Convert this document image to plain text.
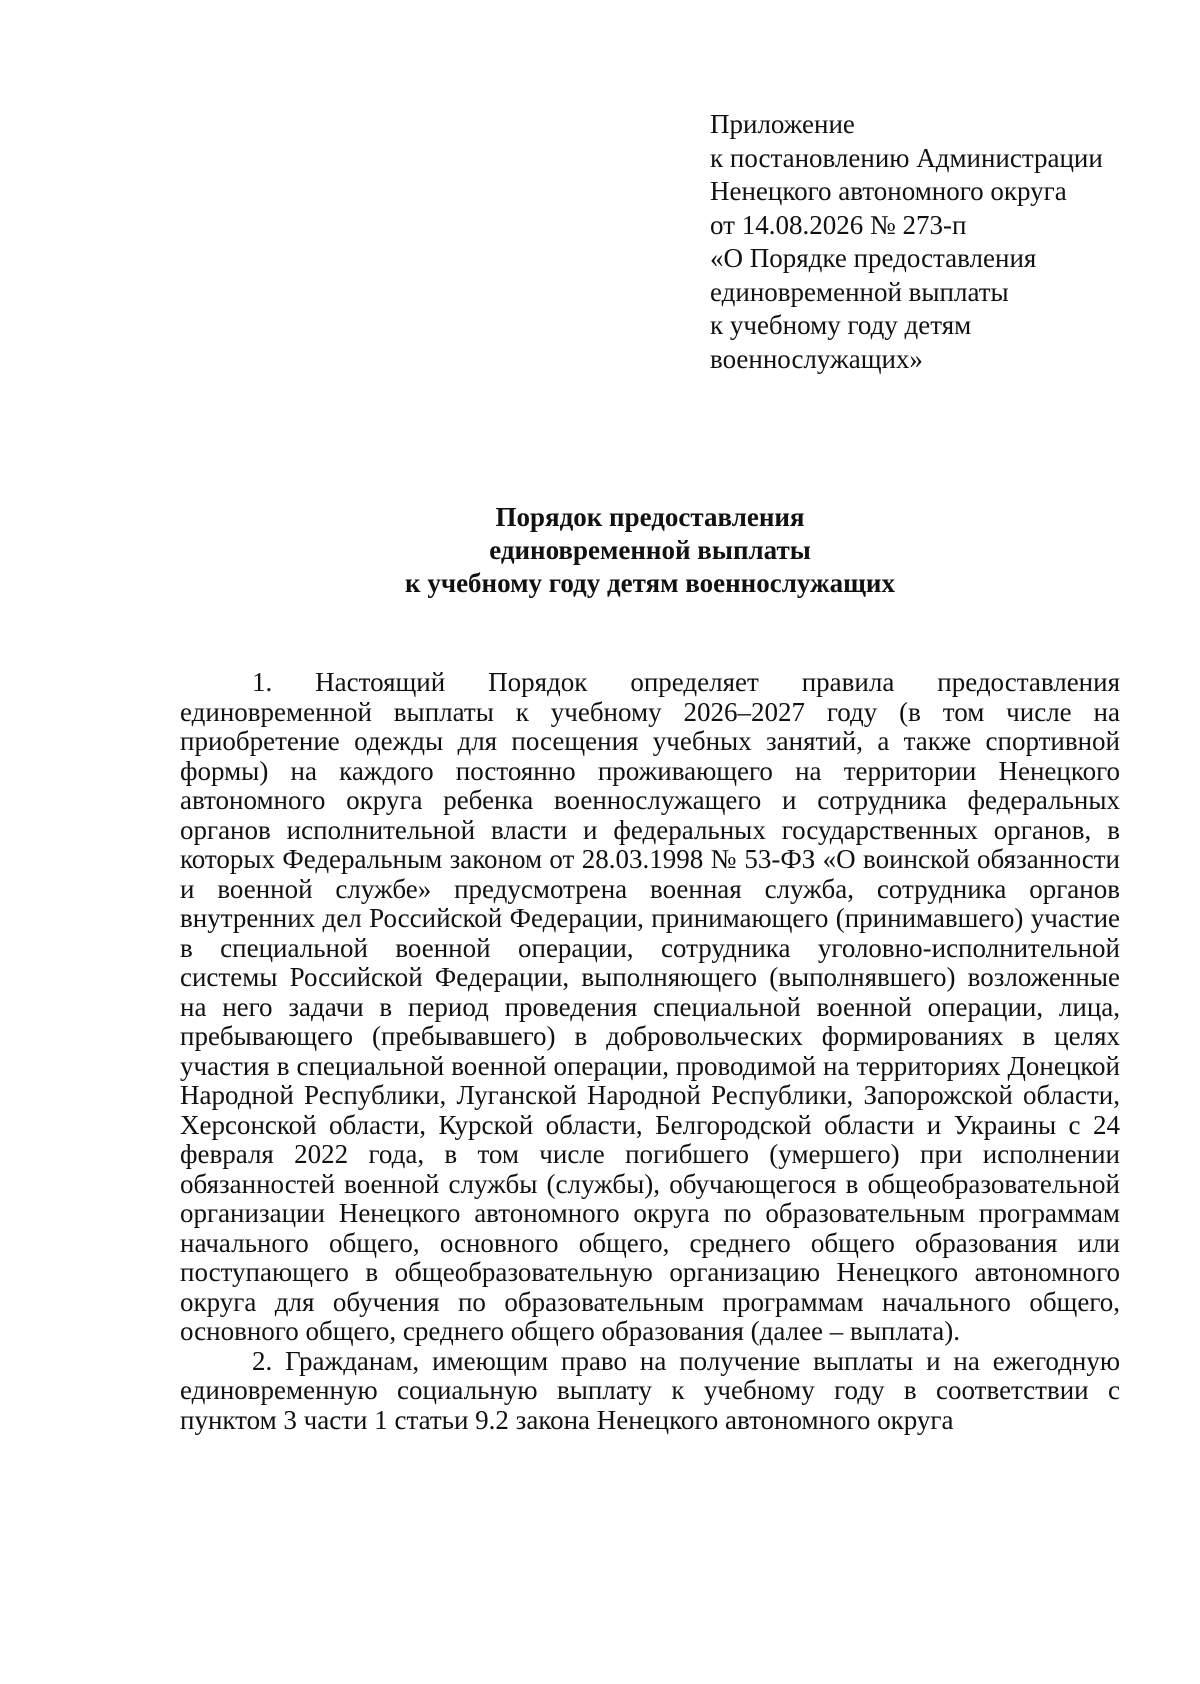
Приложение
к постановлению Администрации
Ненецкого автономного округа
от 14.08.2026 № 273-п
«О Порядке предоставления
единовременной выплаты
к учебному году детям
военнослужащих»
Порядок предоставления
единовременной выплаты
к учебному году детям военнослужащих

1. Настоящий Порядок определяет правила предоставления единовременной выплаты к учебному 2026–2027 году (в том числе на приобретение одежды для посещения учебных занятий, а также спортивной формы) на каждого постоянно проживающего на территории Ненецкого автономного округа ребенка военнослужащего и сотрудника федеральных органов исполнительной власти и федеральных государственных органов, в которых Федеральным законом от 28.03.1998 № 53-ФЗ «О воинской обязанности и военной службе» предусмотрена военная служба, сотрудника органов внутренних дел Российской Федерации, принимающего (принимавшего) участие в специальной военной операции, сотрудника уголовно-исполнительной системы Российской Федерации, выполняющего (выполнявшего) возложенные на него задачи в период проведения специальной военной операции, лица, пребывающего (пребывавшего) в добровольческих формированиях в целях участия в специальной военной операции, проводимой на территориях Донецкой Народной Республики, Луганской Народной Республики, Запорожской области, Херсонской области, Курской области, Белгородской области и Украины с 24 февраля 2022 года, в том числе погибшего (умершего) при исполнении обязанностей военной службы (службы), обучающегося в общеобразовательной организации Ненецкого автономного округа по образовательным программам начального общего, основного общего, среднего общего образования или поступающего в общеобразовательную организацию Ненецкого автономного округа для обучения по образовательным программам начального общего, основного общего, среднего общего образования (далее – выплата).

2. Гражданам, имеющим право на получение выплаты и на ежегодную единовременную социальную выплату к учебному году в соответствии с пунктом 3 части 1 статьи 9.2 закона Ненецкого автономного округа
